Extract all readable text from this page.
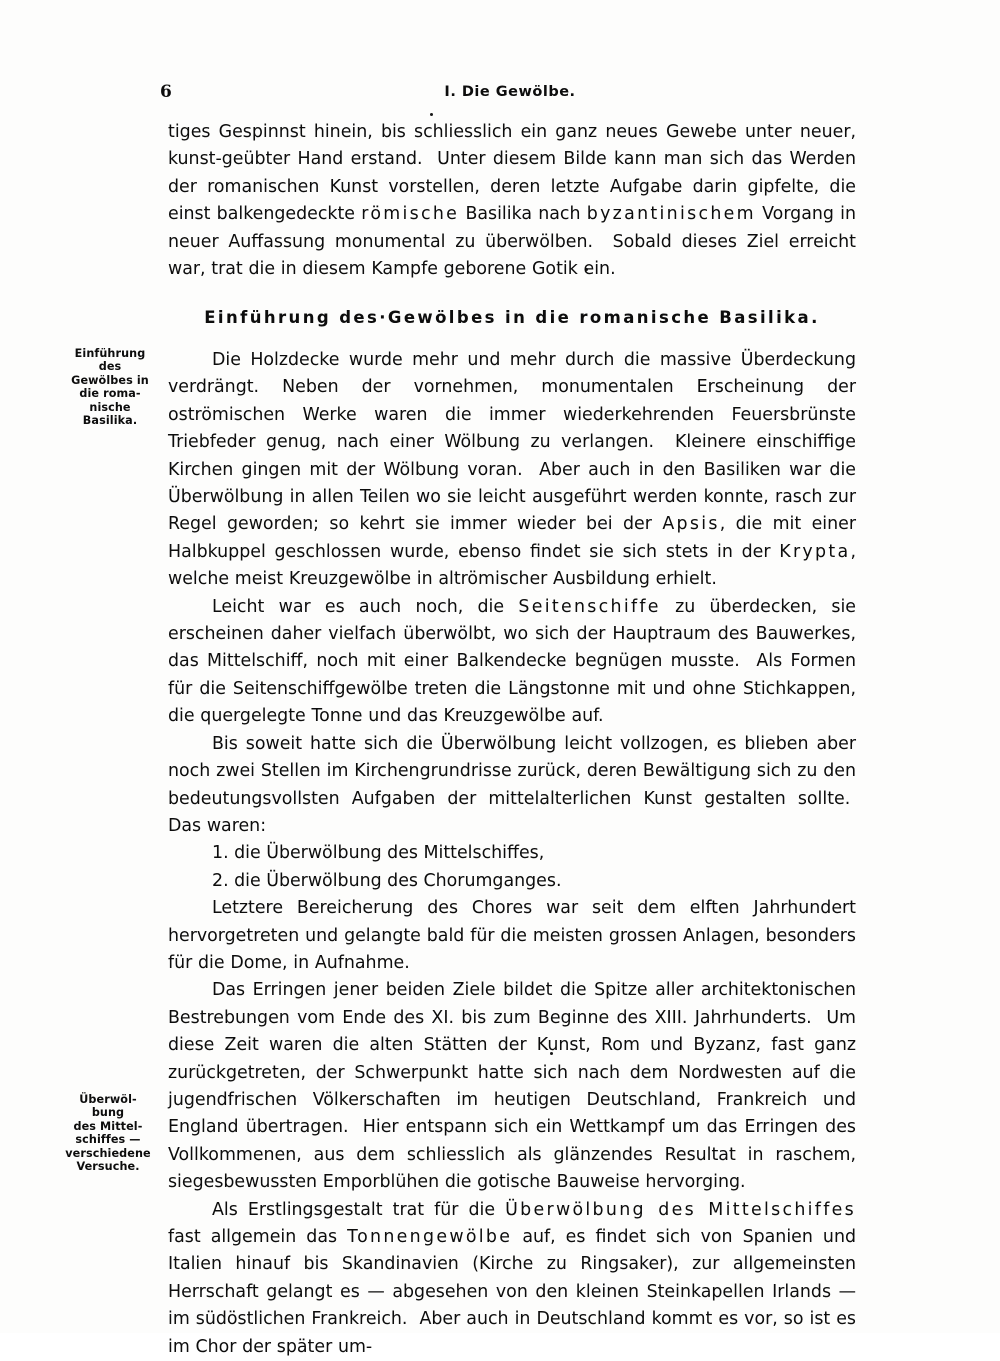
6	I. Die Gewölbe.
Einführung des·Gewölbes in die romanische Basilika.
Einführung
des
Gewölbes in
die roma-
nische
Basilika.
Überwöl-
bung
des Mittel-
schiffes —
verschiedene
Versuche.

tiges Gespinnst hinein, bis schliesslich ein ganz neues Gewebe unter neuer, kunst-geübter Hand erstand. Unter diesem Bilde kann man sich das Werden der romanischen Kunst vorstellen, deren letzte Aufgabe darin gipfelte, die einst balkengedeckte römische Basilika nach byzantinischem Vorgang in neuer Auffassung monumental zu überwölben. Sobald dieses Ziel erreicht war, trat die in diesem Kampfe geborene Gotik ein.

Die Holzdecke wurde mehr und mehr durch die massive Überdeckung verdrängt. Neben der vornehmen, monumentalen Erscheinung der oströmischen Werke waren die immer wiederkehrenden Feuersbrünste Triebfeder genug, nach einer Wölbung zu verlangen. Kleinere einschiffige Kirchen gingen mit der Wölbung voran. Aber auch in den Basiliken war die Überwölbung in allen Teilen wo sie leicht ausgeführt werden konnte, rasch zur Regel geworden; so kehrt sie immer wieder bei der Apsis, die mit einer Halbkuppel geschlossen wurde, ebenso findet sie sich stets in der Krypta, welche meist Kreuzgewölbe in altrömischer Ausbildung erhielt.

Leicht war es auch noch, die Seitenschiffe zu überdecken, sie erscheinen daher vielfach überwölbt, wo sich der Hauptraum des Bauwerkes, das Mittelschiff, noch mit einer Balkendecke begnügen musste. Als Formen für die Seitenschiffgewölbe treten die Längstonne mit und ohne Stichkappen, die quergelegte Tonne und das Kreuzgewölbe auf.

Bis soweit hatte sich die Überwölbung leicht vollzogen, es blieben aber noch zwei Stellen im Kirchengrundrisse zurück, deren Bewältigung sich zu den bedeutungsvollsten Aufgaben der mittelalterlichen Kunst gestalten sollte.  Das waren:

1. die Überwölbung des Mittelschiffes,

2. die Überwölbung des Chorumganges.

Letztere Bereicherung des Chores war seit dem elften Jahrhundert hervorgetreten und gelangte bald für die meisten grossen Anlagen, besonders für die Dome, in Aufnahme.

Das Erringen jener beiden Ziele bildet die Spitze aller architektonischen Bestrebungen vom Ende des XI. bis zum Beginne des XIII. Jahrhunderts. Um diese Zeit waren die alten Stätten der Kunst, Rom und Byzanz, fast ganz zurückgetreten, der Schwerpunkt hatte sich nach dem Nordwesten auf die jugendfrischen Völkerschaften im heutigen Deutschland, Frankreich und England übertragen. Hier entspann sich ein Wettkampf um das Erringen des Vollkommenen, aus dem schliesslich als glänzendes Resultat in raschem, siegesbewussten Emporblühen die gotische Bauweise hervorging.

Als Erstlingsgestalt trat für die Überwölbung des Mittelschiffes fast allgemein das Tonnengewölbe auf, es findet sich von Spanien und Italien hinauf bis Skandinavien (Kirche zu Ringsaker), zur allgemeinsten Herrschaft gelangt es — abgesehen von den kleinen Steinkapellen Irlands — im südöstlichen Frankreich. Aber auch in Deutschland kommt es vor, so ist es im Chor der später um-
